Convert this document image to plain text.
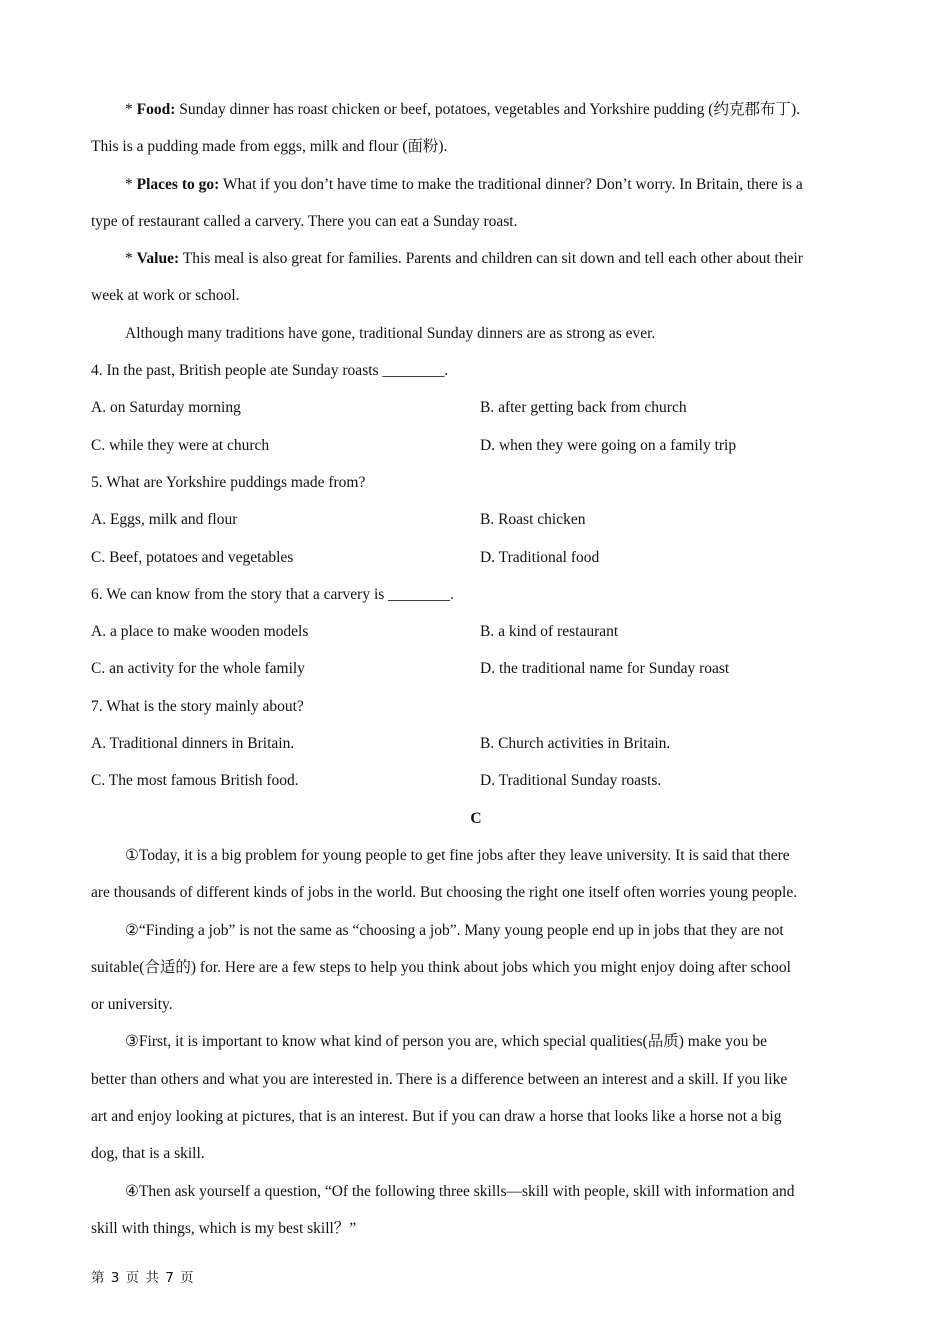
* Food: Sunday dinner has roast chicken or beef, potatoes, vegetables and Yorkshire pudding (约克郡布丁).

This is a pudding made from eggs, milk and flour (面粉).

* Places to go: What if you don’t have time to make the traditional dinner? Don’t worry. In Britain, there is a

type of restaurant called a carvery. There you can eat a Sunday roast.

* Value: This meal is also great for families. Parents and children can sit down and tell each other about their

week at work or school.

Although many traditions have gone, traditional Sunday dinners are as strong as ever.

4. In the past, British people ate Sunday roasts ________.

A. on Saturday morning	B. after getting back from church
C. while they were at church	D. when they were going on a family trip

5. What are Yorkshire puddings made from?

A. Eggs, milk and flour	B. Roast chicken
C. Beef, potatoes and vegetables	D. Traditional food

6. We can know from the story that a carvery is ________.

A. a place to make wooden models	B. a kind of restaurant
C. an activity for the whole family	D. the traditional name for Sunday roast

7. What is the story mainly about?

A. Traditional dinners in Britain.	B. Church activities in Britain.
C. The most famous British food.	D. Traditional Sunday roasts.

C

①Today, it is a big problem for young people to get fine jobs after they leave university. It is said that there

are thousands of different kinds of jobs in the world. But choosing the right one itself often worries young people.

②“Finding a job” is not the same as “choosing a job”. Many young people end up in jobs that they are not

suitable(合适的) for. Here are a few steps to help you think about jobs which you might enjoy doing after school

or university.

③First, it is important to know what kind of person you are, which special qualities(品质) make you be

better than others and what you are interested in. There is a difference between an interest and a skill. If you like

art and enjoy looking at pictures, that is an interest. But if you can draw a horse that looks like a horse not a big

dog, that is a skill.

④Then ask yourself a question, “Of the following three skills—skill with people, skill with information and

skill with things, which is my best skill？”

第 3 页 共 7 页
